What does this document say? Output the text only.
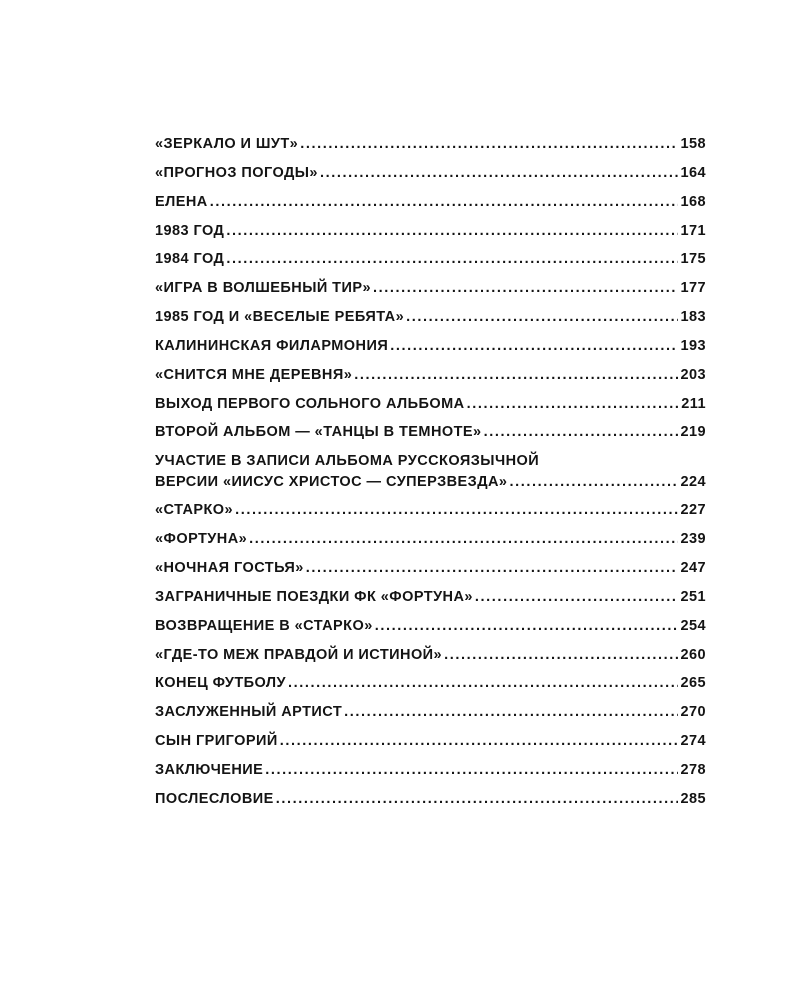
«ЗЕРКАЛО И ШУТ» .....	158
«ПРОГНОЗ ПОГОДЫ» .....	164
ЕЛЕНА .....	168
1983 ГОД .....	171
1984 ГОД .....	175
«ИГРА В ВОЛШЕБНЫЙ ТИР» .....	177
1985 ГОД И «ВЕСЕЛЫЕ РЕБЯТА» .....	183
КАЛИНИНСКАЯ ФИЛАРМОНИЯ .....	193
«СНИТСЯ МНЕ ДЕРЕВНЯ» .....	203
ВЫХОД ПЕРВОГО СОЛЬНОГО АЛЬБОМА .....	211
ВТОРОЙ АЛЬБОМ — «ТАНЦЫ В ТЕМНОТЕ» .....	219
УЧАСТИЕ В ЗАПИСИ АЛЬБОМА РУССКОЯЗЫЧНОЙ
ВЕРСИИ «ИИСУС ХРИСТОС — СУПЕРЗВЕЗДА» .....	224
«СТАРКО» .....	227
«ФОРТУНА» .....	239
«НОЧНАЯ ГОСТЬЯ» .....	247
ЗАГРАНИЧНЫЕ ПОЕЗДКИ ФК «ФОРТУНА» .....	251
ВОЗВРАЩЕНИЕ В «СТАРКО» .....	254
«ГДЕ-ТО МЕЖ ПРАВДОЙ И ИСТИНОЙ» .....	260
КОНЕЦ ФУТБОЛУ .....	265
ЗАСЛУЖЕННЫЙ АРТИСТ .....	270
СЫН ГРИГОРИЙ .....	274
ЗАКЛЮЧЕНИЕ .....	278
ПОСЛЕСЛОВИЕ .....	285
